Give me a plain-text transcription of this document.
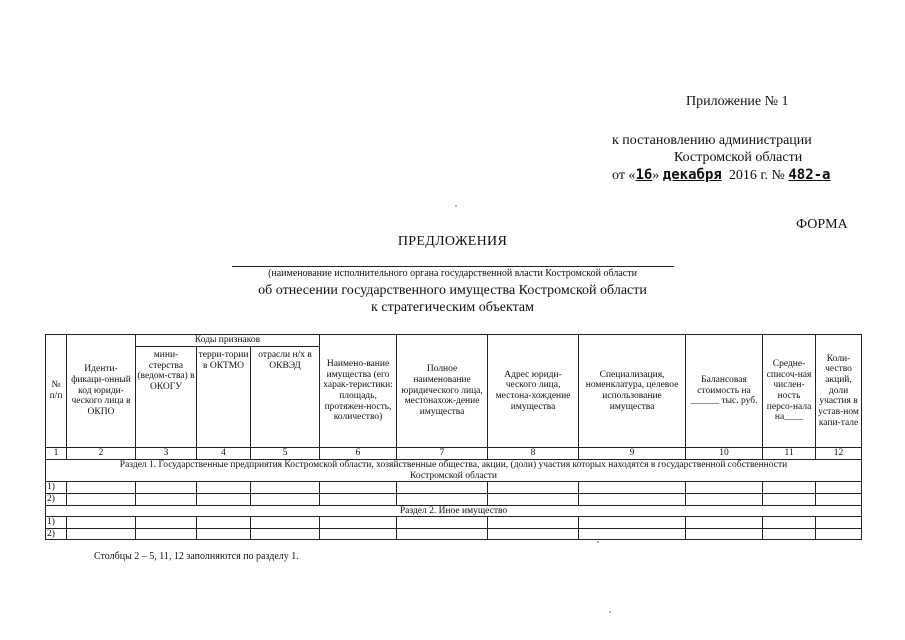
Приложение № 1
к постановлению администрации
Костромской области
от «16» декабря 2016 г. № 482-а
ФОРМА
ПРЕДЛОЖЕНИЯ
(наименование исполнительного органа государственной власти Костромской области
об отнесении государственного имущества Костромской области
к стратегическим объектам
№ п/п	Иденти-фикаци-онный код юриди-ческого лица в ОКПО	Коды признаков			Наимено-вание имущества (его харак-теристики: площадь, протяжен-ность, количество)	Полное наименование юридического лица, местонахож-дение имущества	Адрес юриди-ческого лица, местона-хождение имущества	Специализация, номенклатура, целевое использование имущества	Балансовая стоимость на ______ тыс. руб.	Средне-списоч-ная числен-ность персо-нала на____	Коли-чество акций, доли участия в устав-ном капи-тале
		мини-стерства (ведом-ства) в ОКОГУ	терри-тории в ОКТМО	отрасли н/х в ОКВЭД							
1	2	3	4	5	6	7	8	9	10	11	12

Раздел 1. Государственные предприятия Костромской области, хозяйственные общества, акции, (доли) участия которых находятся в государственной собственности
Костромской области											

1)											
2)											
Раздел 2. Иное имущество											
1)											
2)											
Столбцы 2 – 5, 11, 12 заполняются по разделу 1.
